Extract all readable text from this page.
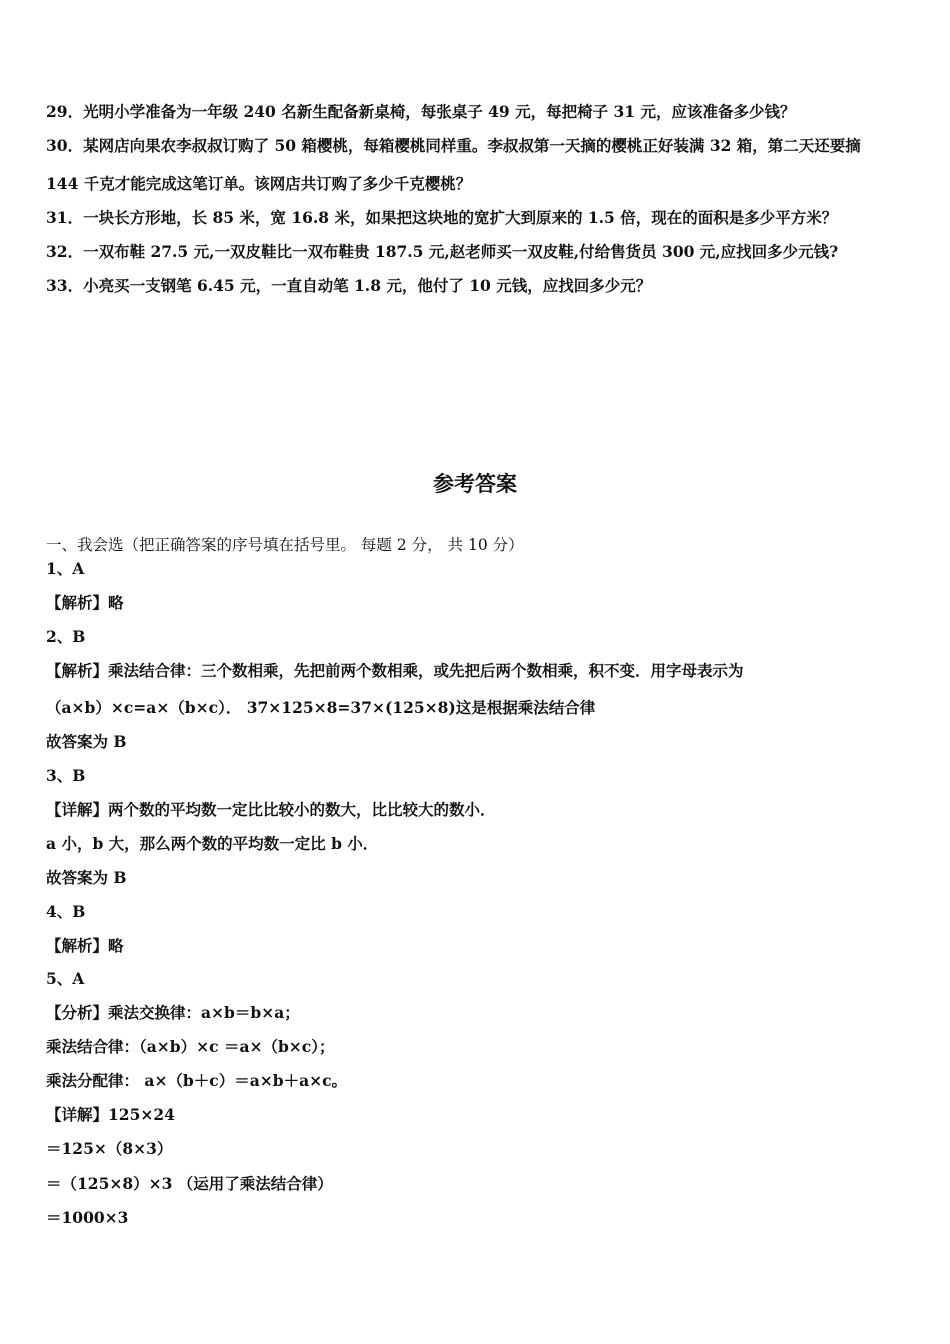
29．光明小学准备为一年级 240 名新生配备新桌椅，每张桌子 49 元，每把椅子 31 元，应该准备多少钱？
30．某网店向果农李叔叔订购了 50 箱樱桃，每箱樱桃同样重。李叔叔第一天摘的樱桃正好装满 32 箱，第二天还要摘
144 千克才能完成这笔订单。该网店共订购了多少千克樱桃？
31．一块长方形地，长 85 米，宽 16.8 米，如果把这块地的宽扩大到原来的 1.5 倍，现在的面积是多少平方米？
32．一双布鞋 27.5 元,一双皮鞋比一双布鞋贵 187.5 元,赵老师买一双皮鞋,付给售货员 300 元,应找回多少元钱?
33．小亮买一支钢笔 6.45 元，一直自动笔 1.8 元，他付了 10 元钱，应找回多少元？
参考答案
一、我会选（把正确答案的序号填在括号里。 每题 2 分， 共 10 分）
1、A
【解析】略
2、B
【解析】乘法结合律：三个数相乘，先把前两个数相乘，或先把后两个数相乘，积不变．用字母表示为
（a×b）×c=a×（b×c）． 37×125×8=37×(125×8)这是根据乘法结合律
故答案为 B
3、B
【详解】两个数的平均数一定比比较小的数大，比比较大的数小．
a 小，b 大，那么两个数的平均数一定比 b 小．
故答案为 B
4、B
【解析】略
5、A
【分析】乘法交换律：a×b＝b×a；
乘法结合律：（a×b）×c ＝a×（b×c）；
乘法分配律： a×（b＋c）＝a×b＋a×c。
【详解】125×24
＝125×（8×3）
＝（125×8）×3 （运用了乘法结合律）
＝1000×3
